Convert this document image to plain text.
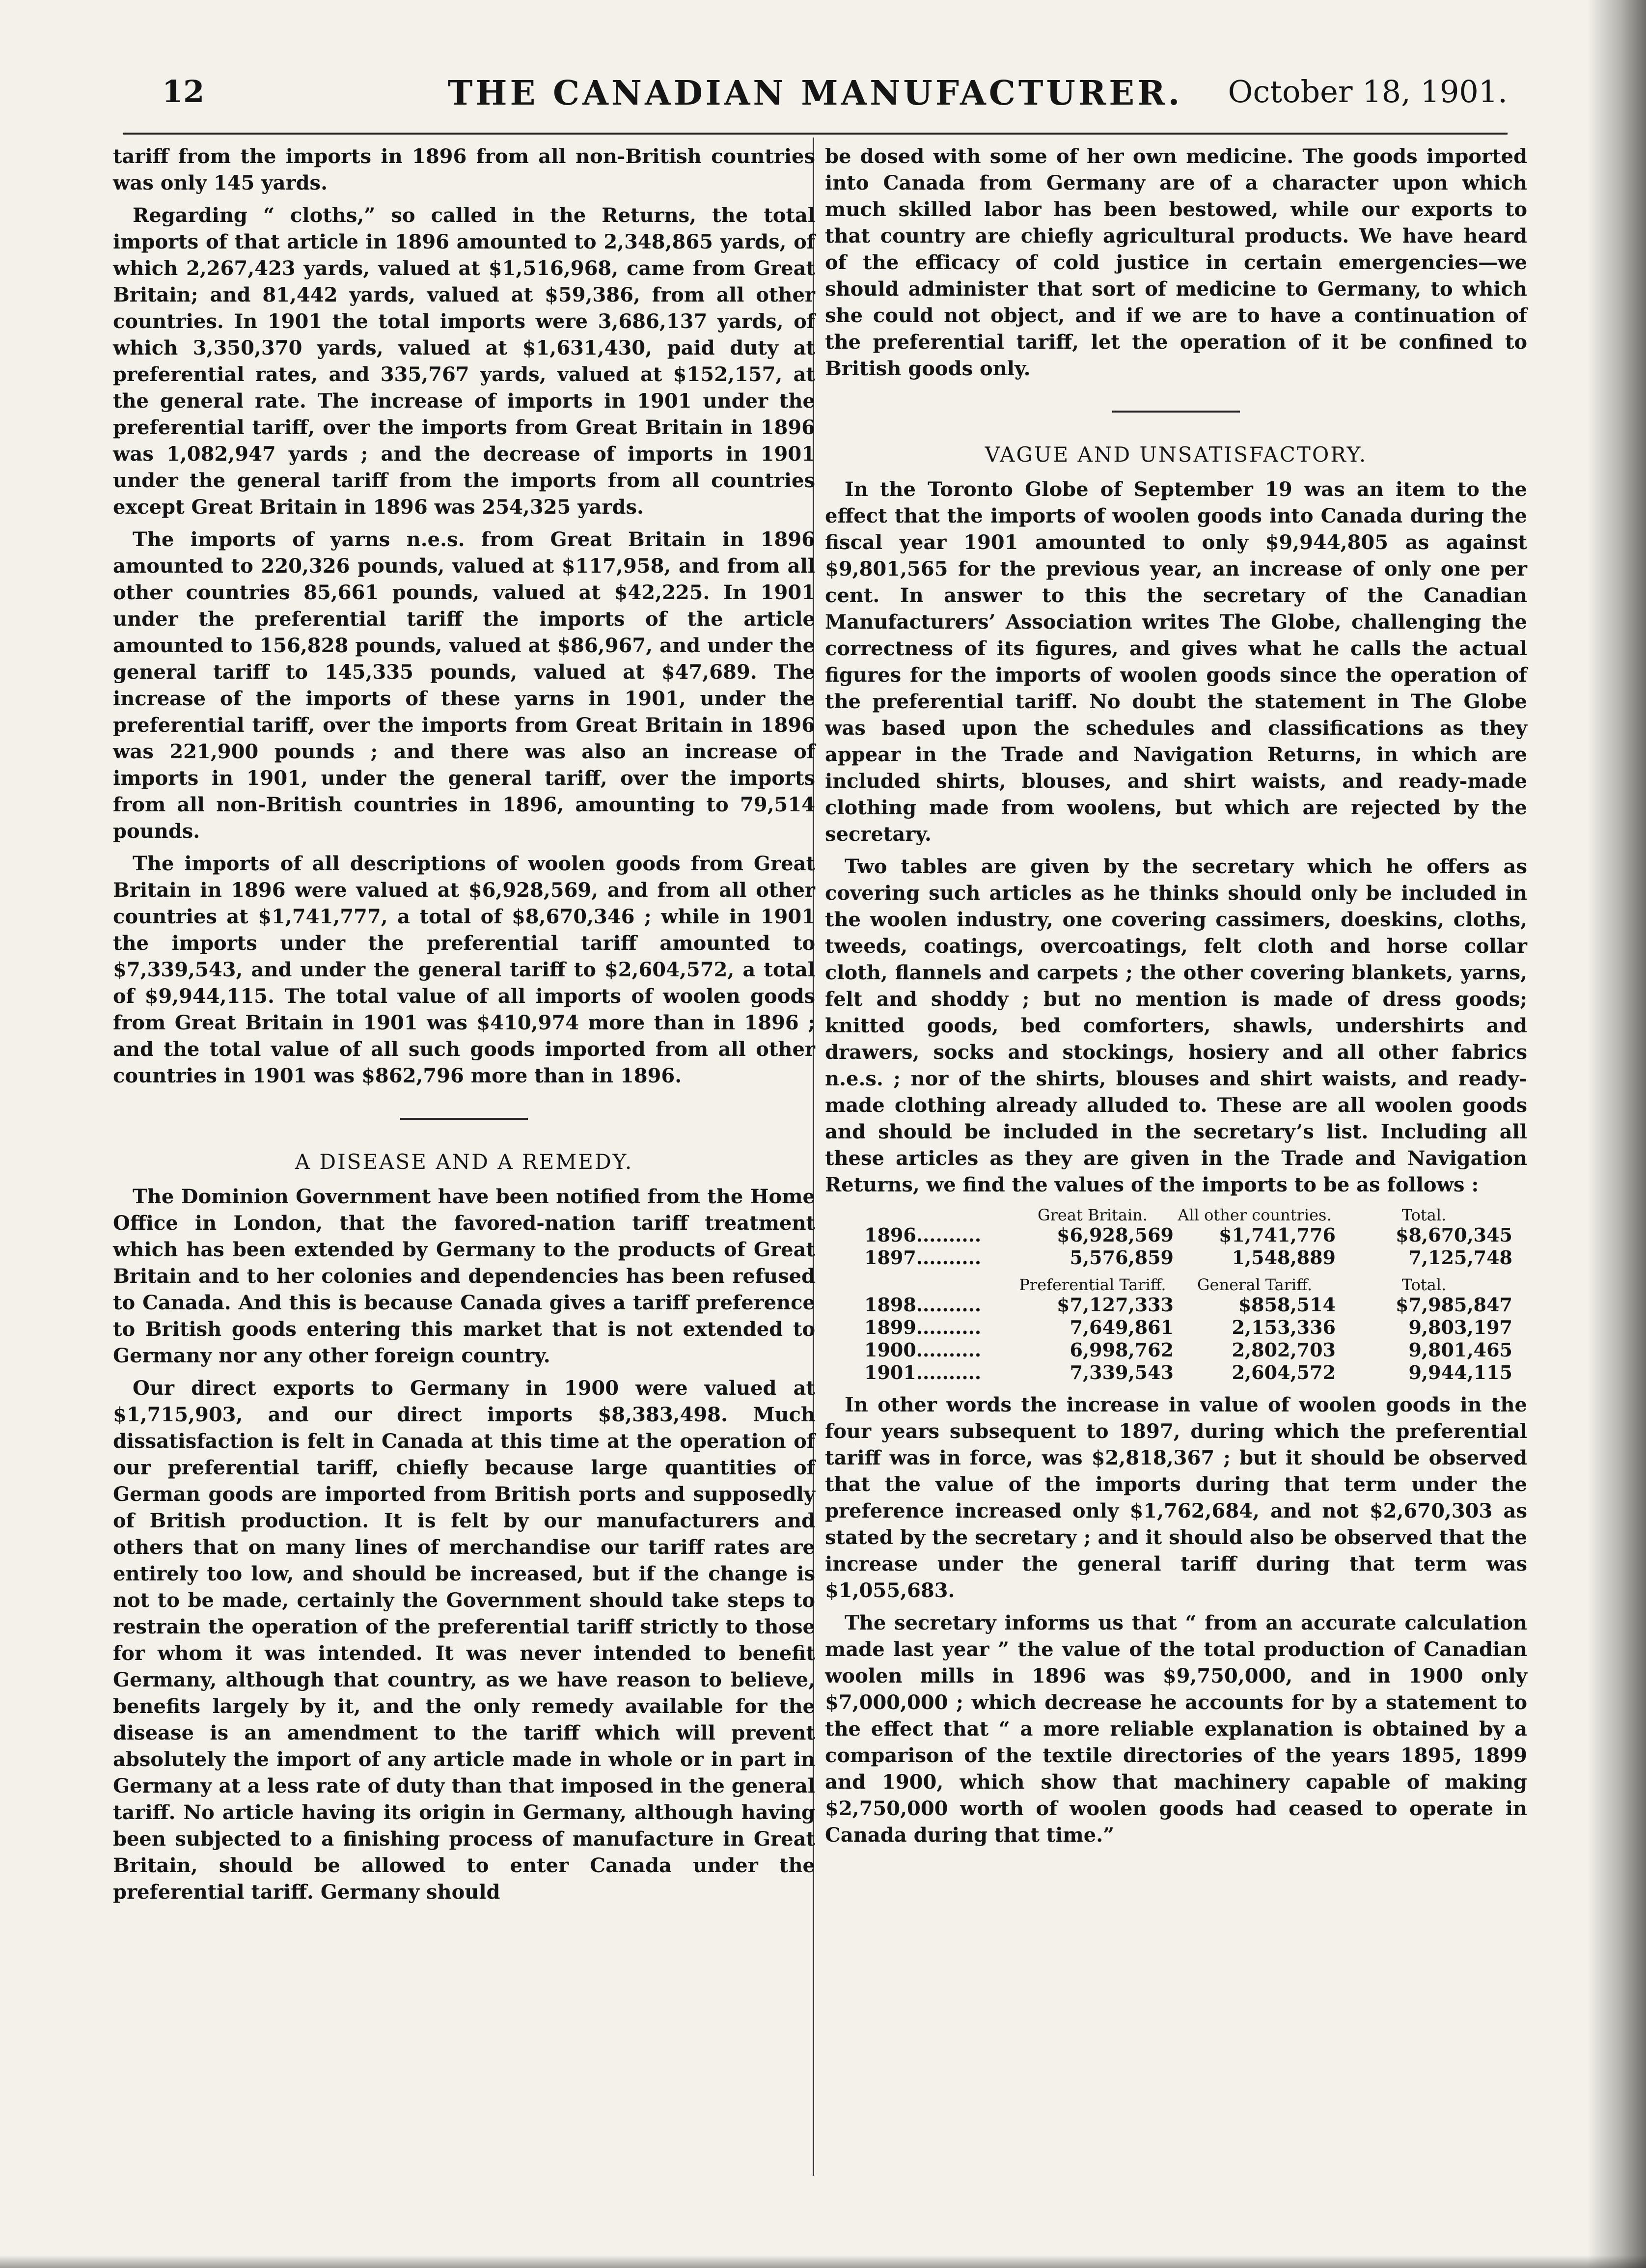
12	THE CANADIAN MANUFACTURER.	October 18, 1901.

tariff from the imports in 1896 from all non-British countries was only 145 yards.

Regarding “ cloths,” so called in the Returns, the total imports of that article in 1896 amounted to 2,348,865 yards, of which 2,267,423 yards, valued at $1,516,968, came from Great Britain; and 81,442 yards, valued at $59,386, from all other countries. In 1901 the total imports were 3,686,137 yards, of which 3,350,370 yards, valued at $1,631,430, paid duty at preferential rates, and 335,767 yards, valued at $152,157, at the general rate. The increase of imports in 1901 under the preferential tariff, over the imports from Great Britain in 1896 was 1,082,947 yards ; and the decrease of imports in 1901 under the general tariff from the imports from all countries except Great Britain in 1896 was 254,325 yards.

The imports of yarns n.e.s. from Great Britain in 1896 amounted to 220,326 pounds, valued at $117,958, and from all other countries 85,661 pounds, valued at $42,225. In 1901 under the preferential tariff the imports of the article amounted to 156,828 pounds, valued at $86,967, and under the general tariff to 145,335 pounds, valued at $47,689. The increase of the imports of these yarns in 1901, under the preferential tariff, over the imports from Great Britain in 1896 was 221,900 pounds ; and there was also an increase of imports in 1901, under the general tariff, over the imports from all non-British countries in 1896, amounting to 79,514 pounds.

The imports of all descriptions of woolen goods from Great Britain in 1896 were valued at $6,928,569, and from all other countries at $1,741,777, a total of $8,670,346 ; while in 1901 the imports under the preferential tariff amounted to $7,339,543, and under the general tariff to $2,604,572, a total of $9,944,115. The total value of all imports of woolen goods from Great Britain in 1901 was $410,974 more than in 1896 ; and the total value of all such goods imported from all other countries in 1901 was $862,796 more than in 1896.

A DISEASE AND A REMEDY.

The Dominion Government have been notified from the Home Office in London, that the favored-nation tariff treatment which has been extended by Germany to the products of Great Britain and to her colonies and dependencies has been refused to Canada. And this is because Canada gives a tariff preference to British goods entering this market that is not extended to Germany nor any other foreign country.

Our direct exports to Germany in 1900 were valued at $1,715,903, and our direct imports $8,383,498. Much dissatisfaction is felt in Canada at this time at the operation of our preferential tariff, chiefly because large quantities of German goods are imported from British ports and supposedly of British production. It is felt by our manufacturers and others that on many lines of merchandise our tariff rates are entirely too low, and should be increased, but if the change is not to be made, certainly the Government should take steps to restrain the operation of the preferential tariff strictly to those for whom it was intended. It was never intended to benefit Germany, although that country, as we have reason to believe, benefits largely by it, and the only remedy available for the disease is an amendment to the tariff which will prevent absolutely the import of any article made in whole or in part in Germany at a less rate of duty than that imposed in the general tariff. No article having its origin in Germany, although having been subjected to a finishing process of manufacture in Great Britain, should be allowed to enter Canada under the preferential tariff. Germany should

be dosed with some of her own medicine. The goods imported into Canada from Germany are of a character upon which much skilled labor has been bestowed, while our exports to that country are chiefly agricultural products. We have heard of the efficacy of cold justice in certain emergencies—we should administer that sort of medicine to Germany, to which she could not object, and if we are to have a continuation of the preferential tariff, let the operation of it be confined to British goods only.

VAGUE AND UNSATISFACTORY.

In the Toronto Globe of September 19 was an item to the effect that the imports of woolen goods into Canada during the fiscal year 1901 amounted to only $9,944,805 as against $9,801,565 for the previous year, an increase of only one per cent. In answer to this the secretary of the Canadian Manufacturers’ Association writes The Globe, challenging the correctness of its figures, and gives what he calls the actual figures for the imports of woolen goods since the operation of the preferential tariff. No doubt the statement in The Globe was based upon the schedules and classifications as they appear in the Trade and Navigation Returns, in which are included shirts, blouses, and shirt waists, and ready-made clothing made from woolens, but which are rejected by the secretary.

Two tables are given by the secretary which he offers as covering such articles as he thinks should only be included in the woolen industry, one covering cassimers, doeskins, cloths, tweeds, coatings, overcoatings, felt cloth and horse collar cloth, flannels and carpets ; the other covering blankets, yarns, felt and shoddy ; but no mention is made of dress goods; knitted goods, bed comforters, shawls, undershirts and drawers, socks and stockings, hosiery and all other fabrics n.e.s. ; nor of the shirts, blouses and shirt waists, and ready-made clothing already alluded to. These are all woolen goods and should be included in the secretary’s list. Including all these articles as they are given in the Trade and Navigation Returns, we find the values of the imports to be as follows :

Great Britain.	All other countries.	Total.
1896..........	$6,928,569	$1,741,776	$8,670,345
1897..........	5,576,859	1,548,889	7,125,748
Preferential Tariff.	General Tariff.	Total.
1898..........	$7,127,333	$858,514	$7,985,847
1899..........	7,649,861	2,153,336	9,803,197
1900..........	6,998,762	2,802,703	9,801,465
1901..........	7,339,543	2,604,572	9,944,115

In other words the increase in value of woolen goods in the four years subsequent to 1897, during which the preferential tariff was in force, was $2,818,367 ; but it should be observed that the value of the imports during that term under the preference increased only $1,762,684, and not $2,670,303 as stated by the secretary ; and it should also be observed that the increase under the general tariff during that term was $1,055,683.

The secretary informs us that “ from an accurate calculation made last year ” the value of the total production of Canadian woolen mills in 1896 was $9,750,000, and in 1900 only $7,000,000 ; which decrease he accounts for by a statement to the effect that “ a more reliable explanation is obtained by a comparison of the textile directories of the years 1895, 1899 and 1900, which show that machinery capable of making $2,750,000 worth of woolen goods had ceased to operate in Canada during that time.”
